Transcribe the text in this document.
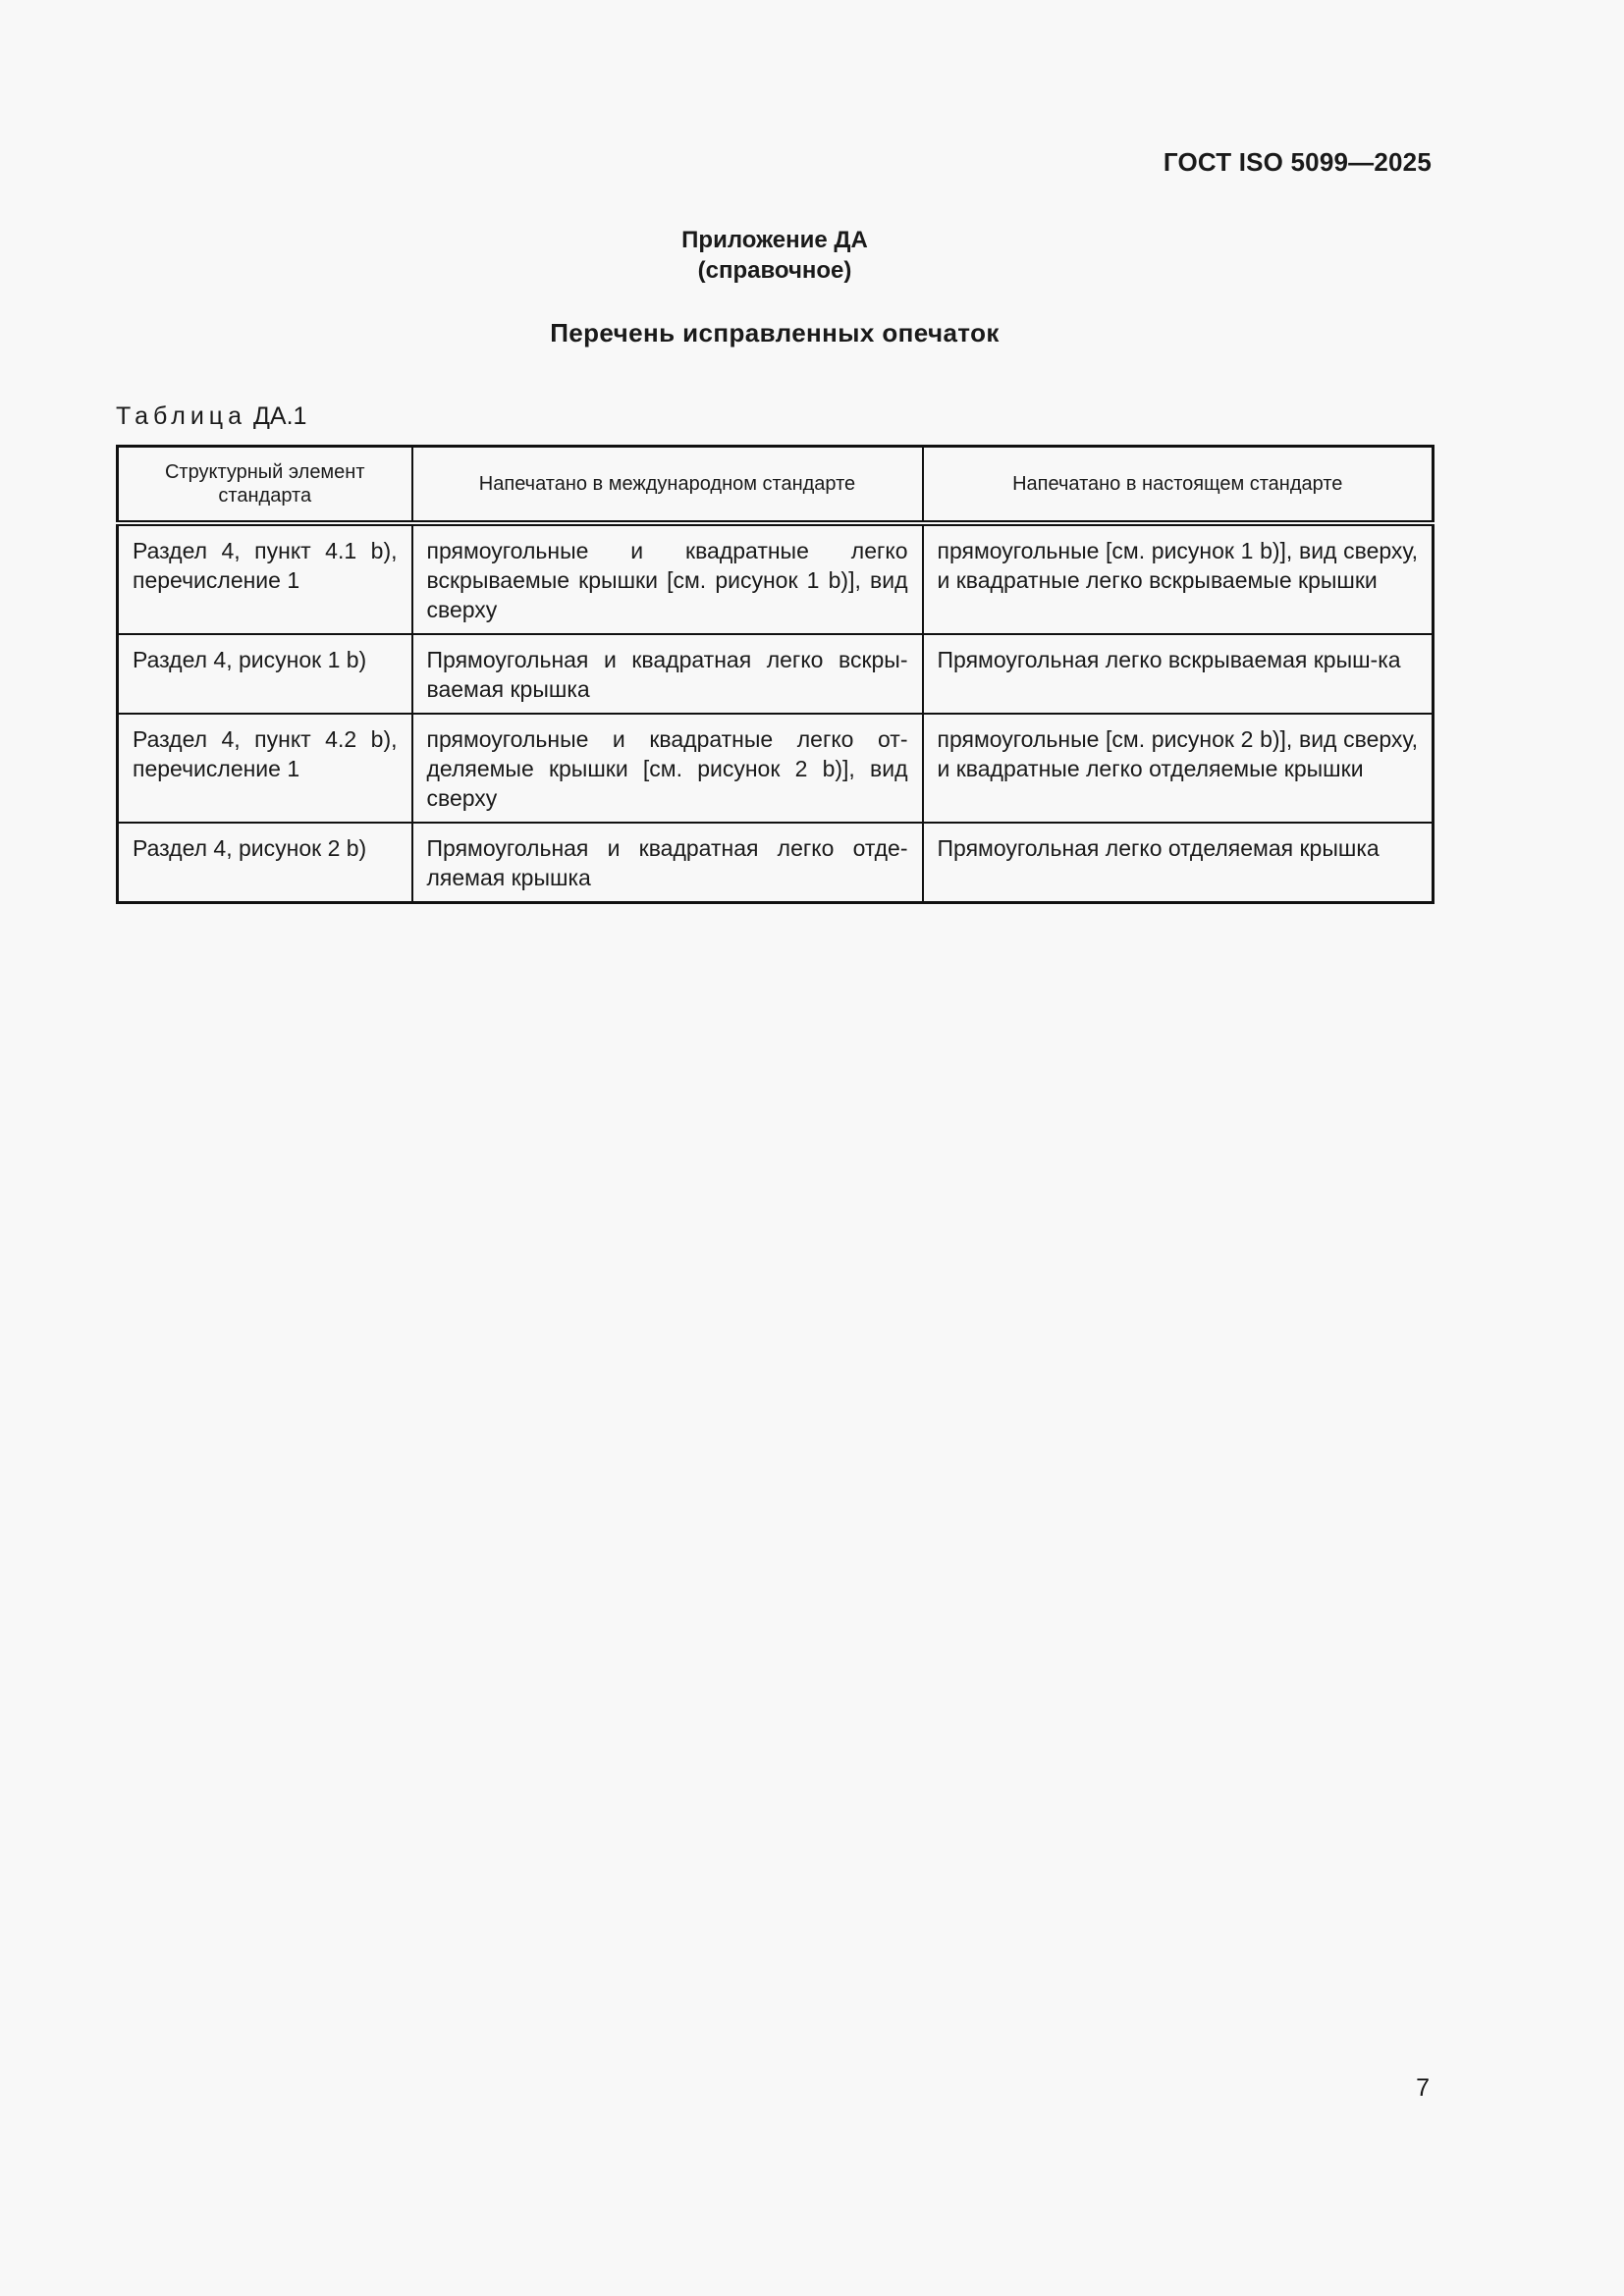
ГОСТ ISO 5099—2025
Приложение ДА
(справочное)
Перечень исправленных опечаток
Таблица ДА.1
Структурный элемент стандарта	Напечатано в международном стандарте	Напечатано в настоящем стандарте
Раздел 4, пункт 4.1 b), перечисление 1	прямоугольные и квадратные легко вскрываемые крышки [см. рисунок 1 b)], вид сверху	прямоугольные [см. рисунок 1 b)], вид сверху, и квадратные легко вскрываемые крышки
Раздел 4, рисунок 1 b)	Прямоугольная и квадратная легко вскры-ваемая крышка	Прямоугольная легко вскрываемая крыш-ка
Раздел 4, пункт 4.2 b), перечисление 1	прямоугольные и квадратные легко от-деляемые крышки [см. рисунок 2 b)], вид сверху	прямоугольные [см. рисунок 2 b)], вид сверху, и квадратные легко отделяемые крышки
Раздел 4, рисунок 2 b)	Прямоугольная и квадратная легко отде-ляемая крышка	Прямоугольная легко отделяемая крышка
7
